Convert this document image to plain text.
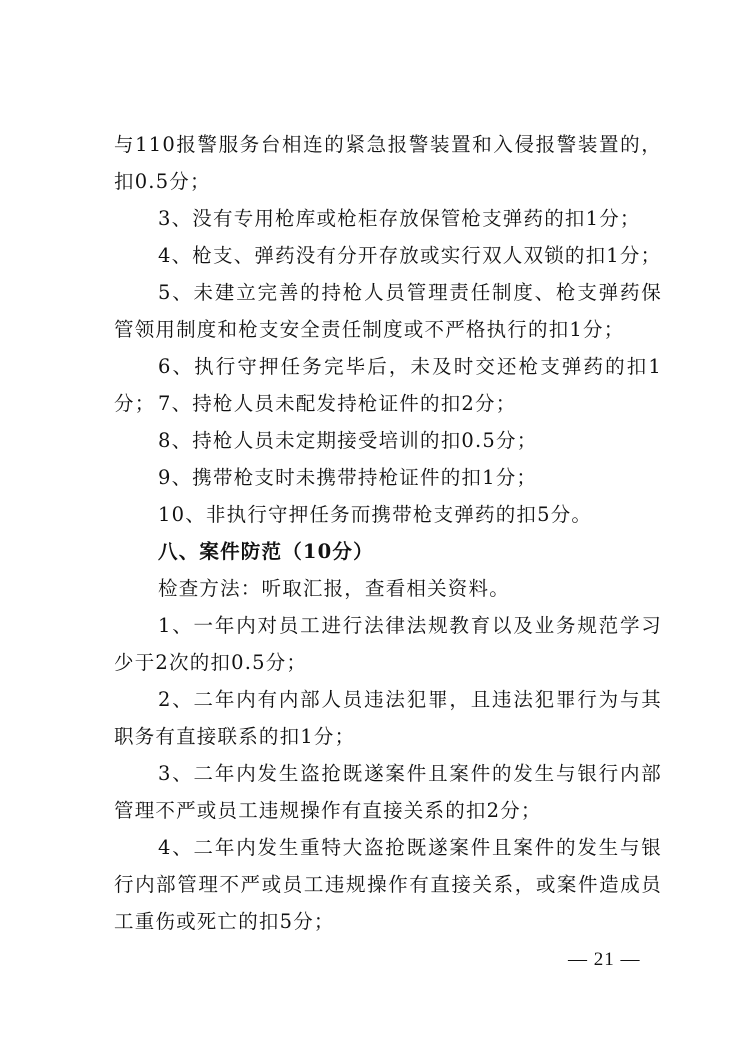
与110报警服务台相连的紧急报警装置和入侵报警装置的，扣0.5分；

3、没有专用枪库或枪柜存放保管枪支弹药的扣1分；

4、枪支、弹药没有分开存放或实行双人双锁的扣1分；

5、未建立完善的持枪人员管理责任制度、枪支弹药保管领用制度和枪支安全责任制度或不严格执行的扣1分；

6、执行守押任务完毕后，未及时交还枪支弹药的扣1分； 7、持枪人员未配发持枪证件的扣2分；

8、持枪人员未定期接受培训的扣0.5分；

9、携带枪支时未携带持枪证件的扣1分；

10、非执行守押任务而携带枪支弹药的扣5分。

八、案件防范（10分）

检查方法：听取汇报，查看相关资料。

1、一年内对员工进行法律法规教育以及业务规范学习少于2次的扣0.5分；

2、二年内有内部人员违法犯罪，且违法犯罪行为与其职务有直接联系的扣1分；

3、二年内发生盗抢既遂案件且案件的发生与银行内部管理不严或员工违规操作有直接关系的扣2分；

4、二年内发生重特大盗抢既遂案件且案件的发生与银行内部管理不严或员工违规操作有直接关系，或案件造成员工重伤或死亡的扣5分；

— 21 —
